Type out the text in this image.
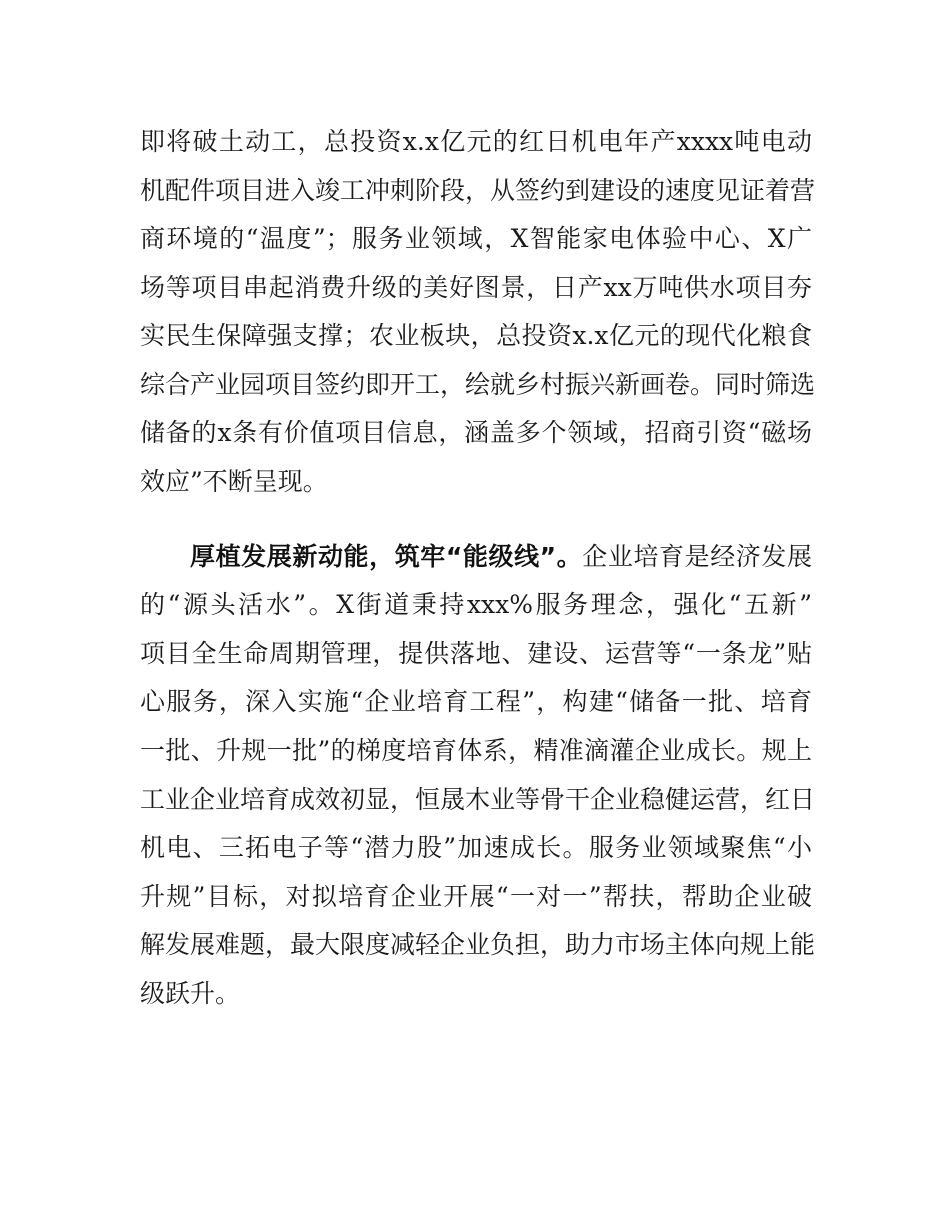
即将破土动工，总投资x.x亿元的红日机电年产xxxx吨电动
机配件项目进入竣工冲刺阶段，从签约到建设的速度见证着营
商环境的“温度”；服务业领域，X智能家电体验中心、X广
场等项目串起消费升级的美好图景，日产xx万吨供水项目夯
实民生保障强支撑；农业板块，总投资x.x亿元的现代化粮食
综合产业园项目签约即开工，绘就乡村振兴新画卷。同时筛选
储备的x条有价值项目信息，涵盖多个领域，招商引资“磁场
效应”不断呈现。
厚植发展新动能，筑牢“能级线”。企业培育是经济发展
的“源头活水”。X街道秉持xxx%服务理念，强化“五新”
项目全生命周期管理，提供落地、建设、运营等“一条龙”贴
心服务，深入实施“企业培育工程”，构建“储备一批、培育
一批、升规一批”的梯度培育体系，精准滴灌企业成长。规上
工业企业培育成效初显，恒晟木业等骨干企业稳健运营，红日
机电、三拓电子等“潜力股”加速成长。服务业领域聚焦“小
升规”目标，对拟培育企业开展“一对一”帮扶，帮助企业破
解发展难题，最大限度减轻企业负担，助力市场主体向规上能
级跃升。
